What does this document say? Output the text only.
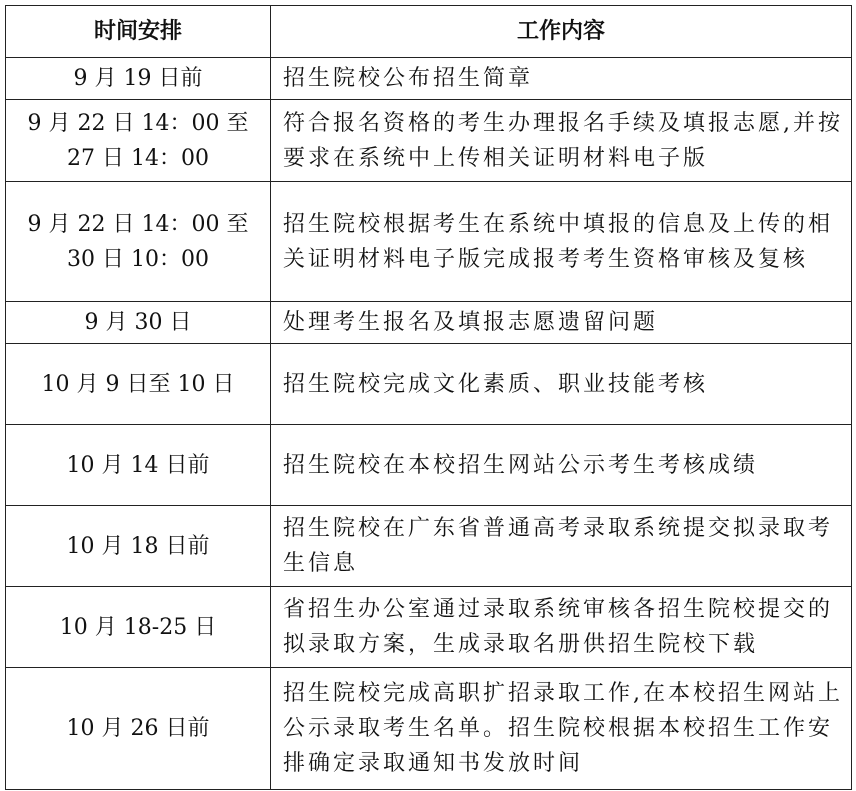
时间安排	工作内容
9 月 19 日前	招生院校公布招生简章
9 月 22 日 14：00 至
27 日 14：00	符合报名资格的考生办理报名手续及填报志愿,并按要求在系统中上传相关证明材料电子版
9 月 22 日 14：00 至
30 日 10：00	招生院校根据考生在系统中填报的信息及上传的相关证明材料电子版完成报考考生资格审核及复核
9 月 30 日	处理考生报名及填报志愿遗留问题
10 月 9 日至 10 日	招生院校完成文化素质、职业技能考核
10 月 14 日前	招生院校在本校招生网站公示考生考核成绩
10 月 18 日前	招生院校在广东省普通高考录取系统提交拟录取考生信息
10 月 18-25 日	省招生办公室通过录取系统审核各招生院校提交的拟录取方案，生成录取名册供招生院校下载
10 月 26 日前	招生院校完成高职扩招录取工作,在本校招生网站上公示录取考生名单。招生院校根据本校招生工作安排确定录取通知书发放时间
